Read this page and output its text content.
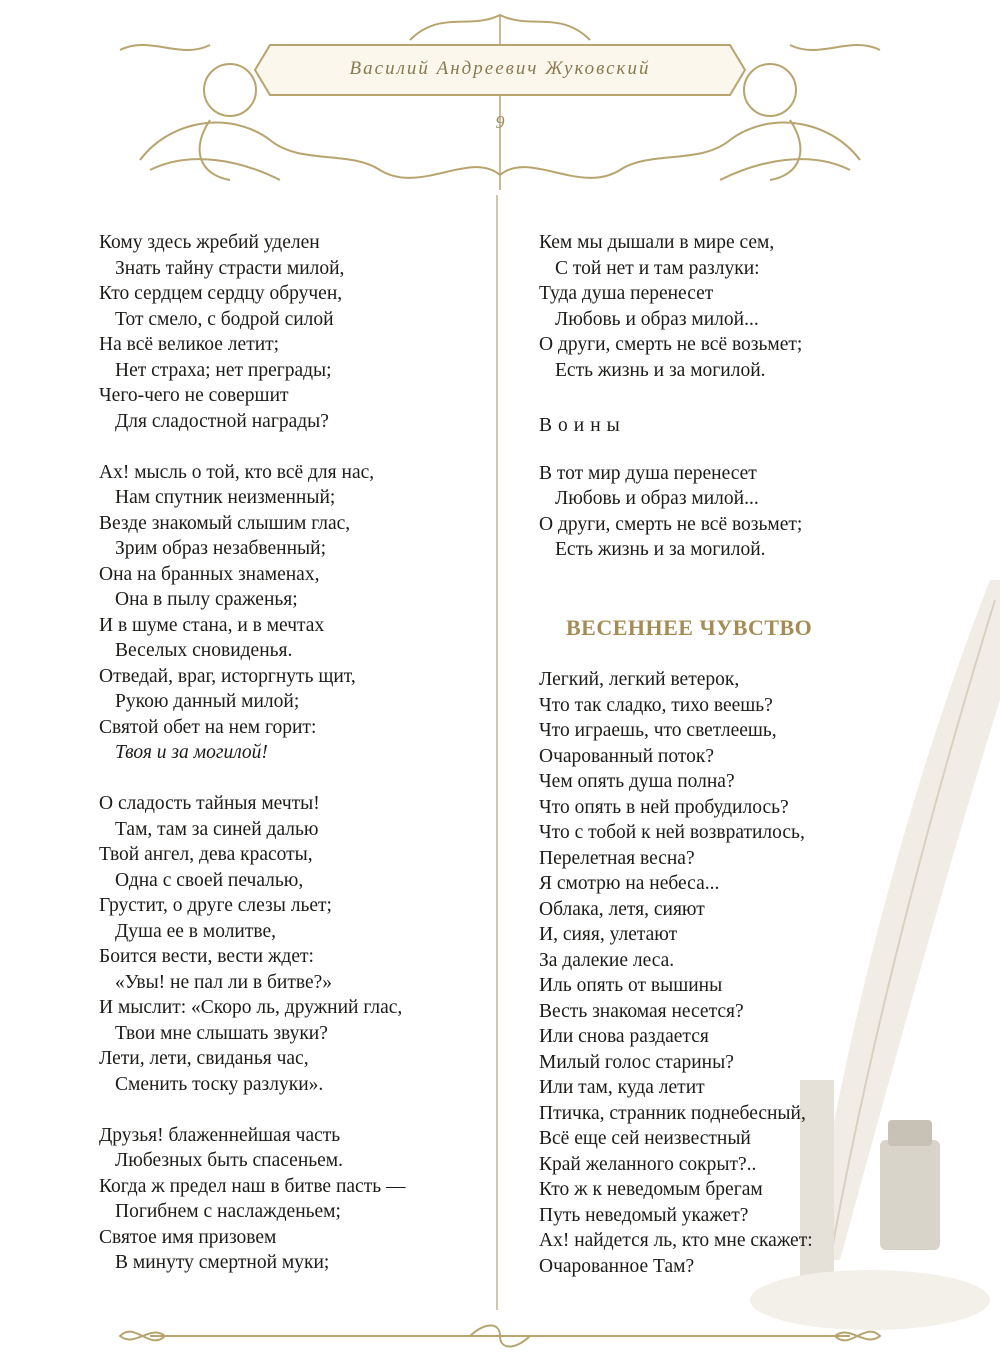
Василий Андреевич Жуковский
9
Кому здесь жребий уделен
Знать тайну страсти милой,
Кто сердцем сердцу обручен,
Тот смело, с бодрой силой
На всё великое летит;
Нет страха; нет преграды;
Чего-чего не совершит
Для сладостной награды?
Ах! мысль о той, кто всё для нас,
Нам спутник неизменный;
Везде знакомый слышим глас,
Зрим образ незабвенный;
Она на бранных знаменах,
Она в пылу сраженья;
И в шуме стана, и в мечтах
Веселых сновиденья.
Отведай, враг, исторгнуть щит,
Рукою данный милой;
Святой обет на нем горит:
Твоя и за могилой!
О сладость тайныя мечты!
Там, там за синей далью
Твой ангел, дева красоты,
Одна с своей печалью,
Грустит, о друге слезы льет;
Душа ее в молитве,
Боится вести, вести ждет:
«Увы! не пал ли в битве?»
И мыслит: «Скоро ль, дружний глас,
Твои мне слышать звуки?
Лети, лети, свиданья час,
Сменить тоску разлуки».
Друзья! блаженнейшая часть
Любезных быть спасеньем.
Когда ж предел наш в битве пасть —
Погибнем с наслажденьем;
Святое имя призовем
В минуту смертной муки;
Кем мы дышали в мире сем,
С той нет и там разлуки:
Туда душа перенесет
Любовь и образ милой...
О други, смерть не всё возьмет;
Есть жизнь и за могилой.
Воины
В тот мир душа перенесет
Любовь и образ милой...
О други, смерть не всё возьмет;
Есть жизнь и за могилой.
ВЕСЕННЕЕ ЧУВСТВО
Легкий, легкий ветерок,
Что так сладко, тихо веешь?
Что играешь, что светлеешь,
Очарованный поток?
Чем опять душа полна?
Что опять в ней пробудилось?
Что с тобой к ней возвратилось,
Перелетная весна?
Я смотрю на небеса...
Облака, летя, сияют
И, сияя, улетают
За далекие леса.
Иль опять от вышины
Весть знакомая несется?
Или снова раздается
Милый голос старины?
Или там, куда летит
Птичка, странник поднебесный,
Всё еще сей неизвестный
Край желанного сокрыт?..
Кто ж к неведомым брегам
Путь неведомый укажет?
Ах! найдется ль, кто мне скажет:
Очарованное Там?
